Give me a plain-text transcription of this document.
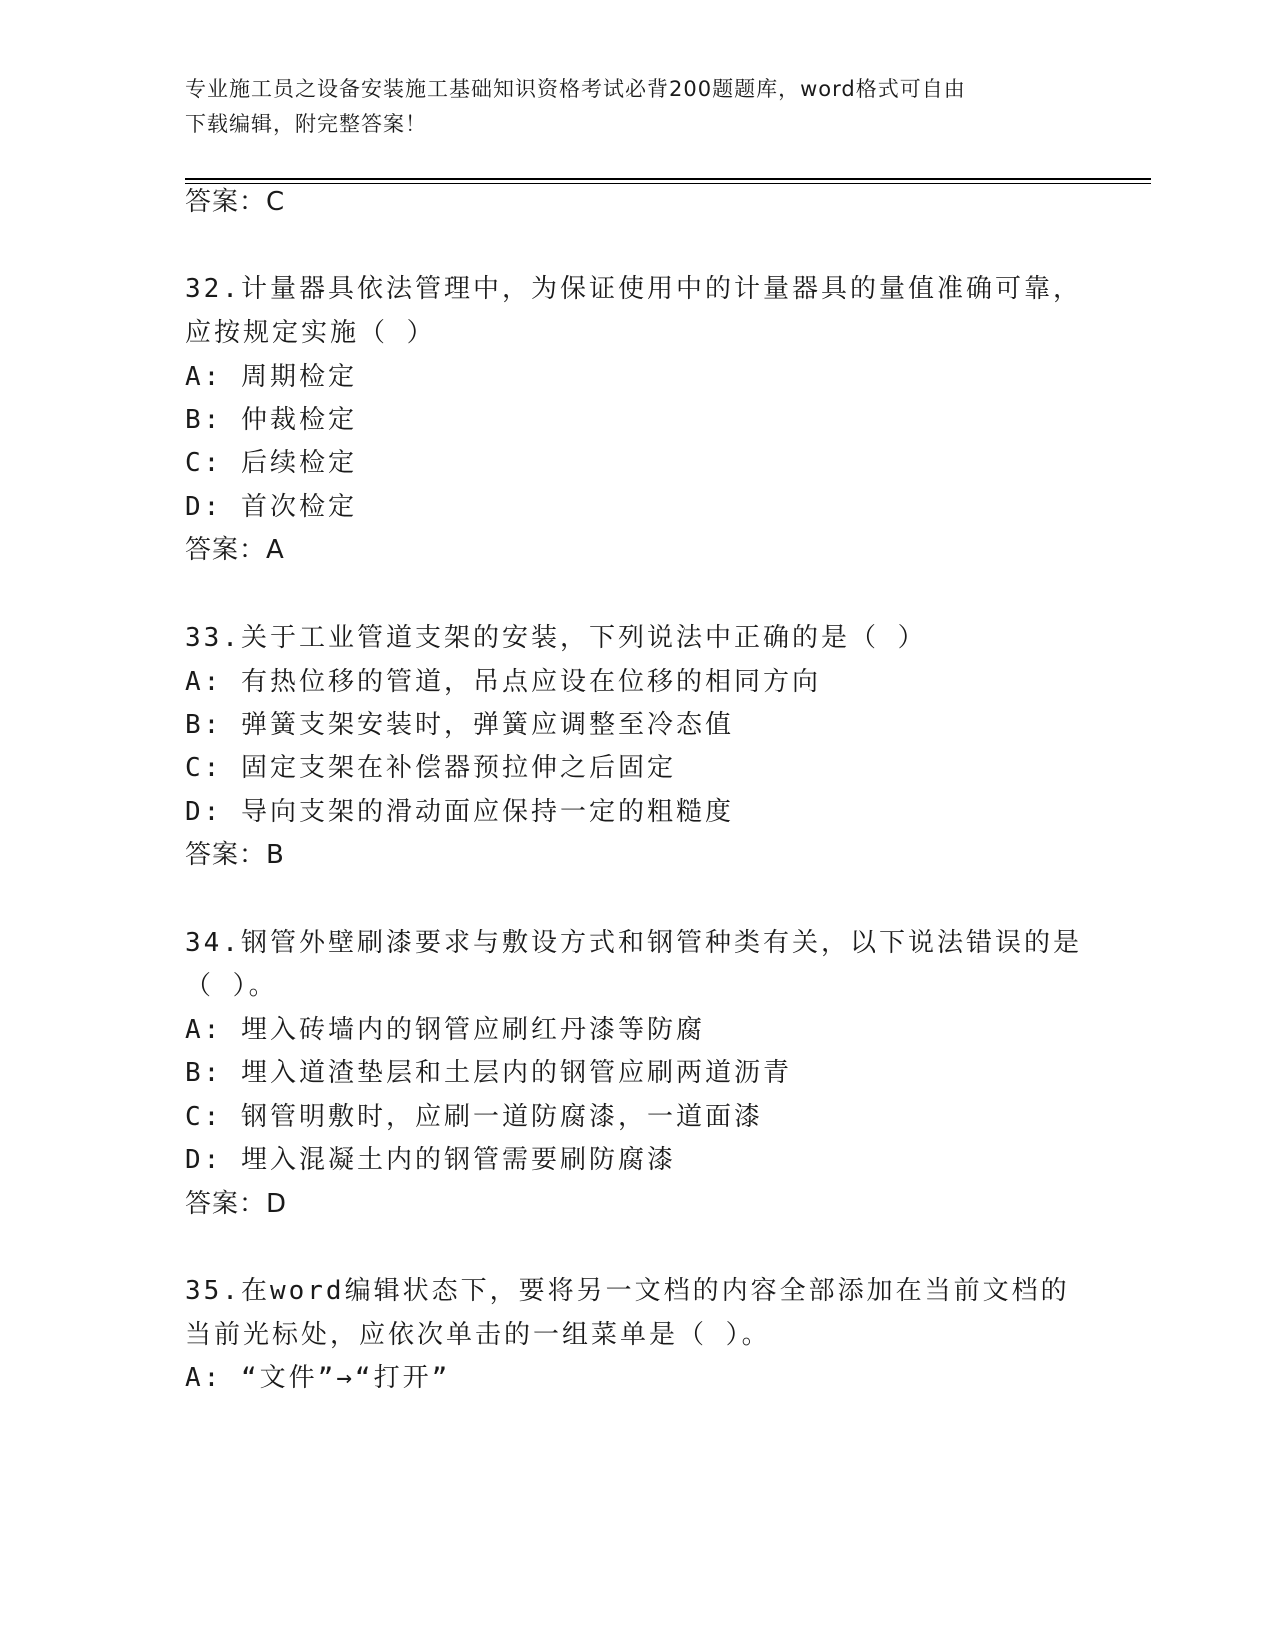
专业施工员之设备安装施工基础知识资格考试必背200题题库，word格式可自由
下载编辑，附完整答案！
答案：C
32.计量器具依法管理中，为保证使用中的计量器具的量值准确可靠，
应按规定实施（ ）
A: 周期检定
B: 仲裁检定
C: 后续检定
D: 首次检定
答案：A
33.关于工业管道支架的安装，下列说法中正确的是（ ）
A: 有热位移的管道，吊点应设在位移的相同方向
B: 弹簧支架安装时，弹簧应调整至冷态值
C: 固定支架在补偿器预拉伸之后固定
D: 导向支架的滑动面应保持一定的粗糙度
答案：B
34.钢管外壁刷漆要求与敷设方式和钢管种类有关，以下说法错误的是
（ ）。
A: 埋入砖墙内的钢管应刷红丹漆等防腐
B: 埋入道渣垫层和土层内的钢管应刷两道沥青
C: 钢管明敷时，应刷一道防腐漆，一道面漆
D: 埋入混凝土内的钢管需要刷防腐漆
答案：D
35.在word编辑状态下，要将另一文档的内容全部添加在当前文档的
当前光标处，应依次单击的一组菜单是（ ）。
A: “文件”→“打开”
